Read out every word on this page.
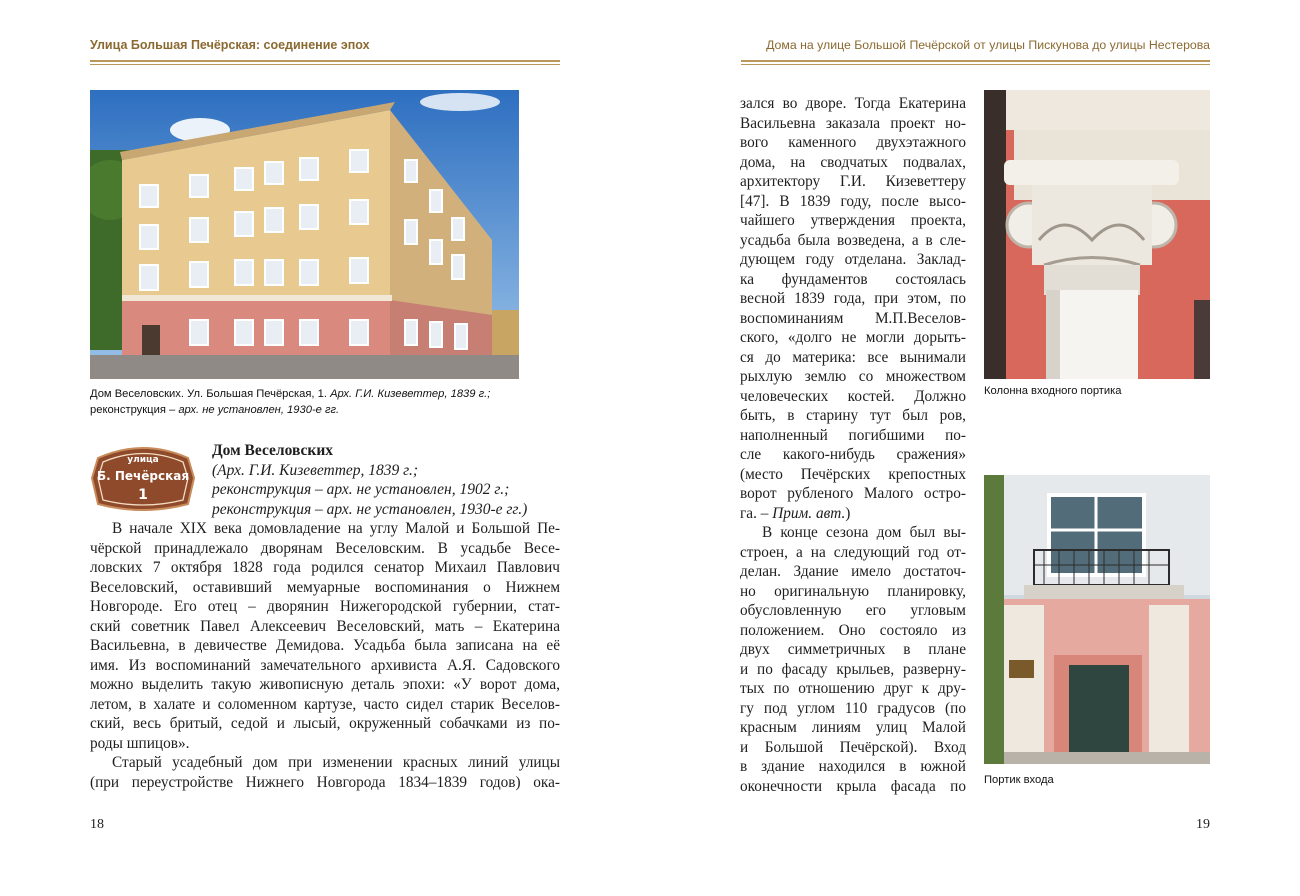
Улица Большая Печёрская: соединение эпох	Дома на улице Большой Печёрской от улицы Пискунова до улицы Нестерова
Дом Веселовских. Ул. Большая Печёрская, 1. Арх. Г.И. Кизеветтер, 1839 г.;
реконструкция – арх. не установлен, 1930-е гг.
улица
Б. Печёрская
1
Дом Веселовских
(Арх. Г.И. Кизеветтер, 1839 г.;
реконструкция – арх. не установлен, 1902 г.;
реконструкция – арх. не установлен, 1930-е гг.)
В начале XIX века домовладение на углу Малой и Большой Пе-
чёрской принадлежало дворянам Веселовским. В усадьбе Весе-
ловских 7 октября 1828 года родился сенатор Михаил Павлович
Веселовский, оставивший мемуарные воспоминания о Нижнем
Новгороде. Его отец – дворянин Нижегородской губернии, стат-
ский советник Павел Алексеевич Веселовский, мать – Екатерина
Васильевна, в девичестве Демидова. Усадьба была записана на её
имя. Из воспоминаний замечательного архивиста А.Я. Садовского
можно выделить такую живописную деталь эпохи: «У ворот дома,
летом, в халате и соломенном картузе, часто сидел старик Веселов-
ский, весь бритый, седой и лысый, окруженный собачками из по-
роды шпицов».
Старый усадебный дом при изменении красных линий улицы
(при переустройстве Нижнего Новгорода 1834–1839 годов) ока-
зался во дворе. Тогда Екатерина
Васильевна заказала проект но-
вого каменного двухэтажного
дома, на сводчатых подвалах,
архитектору Г.И. Кизеветтеру
[47]. В 1839 году, после высо-
чайшего утверждения проекта,
усадьба была возведена, а в сле-
дующем году отделана. Заклад-
ка фундаментов состоялась
весной 1839 года, при этом, по
воспоминаниям М.П.Веселов-
ского, «долго не могли дорыть-
ся до материка: все вынимали
рыхлую землю со множеством
человеческих костей. Должно
быть, в старину тут был ров,
наполненный погибшими по-
сле какого-нибудь сражения»
(место Печёрских крепостных
ворот рубленого Малого остро-
га. – Прим. авт.)
В конце сезона дом был вы-
строен, а на следующий год от-
делан. Здание имело достаточ-
но оригинальную планировку,
обусловленную его угловым
положением. Оно состояло из
двух симметричных в плане
и по фасаду крыльев, разверну-
тых по отношению друг к дру-
гу под углом 110 градусов (по
красным линиям улиц Малой
и Большой Печёрской). Вход
в здание находился в южной
оконечности крыла фасада по
Колонна входного портика
Портик входа
18	19
